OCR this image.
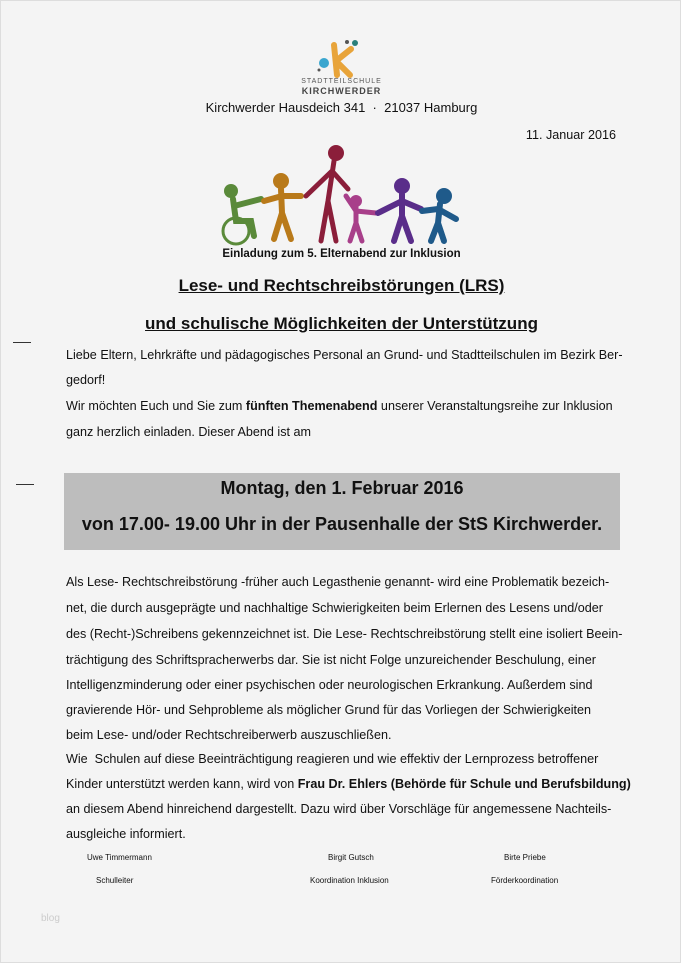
STADTTEILSCHULE
KIRCHWERDER
Kirchwerder Hausdeich 341  ·  21037 Hamburg
11. Januar 2016
Einladung zum 5. Elternabend zur Inklusion
Lese- und Rechtschreibstörungen (LRS)
und schulische Möglichkeiten der Unterstützung
Liebe Eltern, Lehrkräfte und pädagogisches Personal an Grund- und Stadtteilschulen im Bezirk Ber-
gedorf!
Wir möchten Euch und Sie zum fünften Themenabend unserer Veranstaltungsreihe zur Inklusion
ganz herzlich einladen. Dieser Abend ist am
Montag, den 1. Februar 2016
von 17.00- 19.00 Uhr in der Pausenhalle der StS Kirchwerder.
Als Lese- Rechtschreibstörung -früher auch Legasthenie genannt- wird eine Problematik bezeich-
net, die durch ausgeprägte und nachhaltige Schwierigkeiten beim Erlernen des Lesens und/oder
des (Recht-)Schreibens gekennzeichnet ist. Die Lese- Rechtschreibstörung stellt eine isoliert Beein-
trächtigung des Schriftspracherwerbs dar. Sie ist nicht Folge unzureichender Beschulung, einer
Intelligenzminderung oder einer psychischen oder neurologischen Erkrankung. Außerdem sind
gravierende Hör- und Sehprobleme als möglicher Grund für das Vorliegen der Schwierigkeiten
beim Lese- und/oder Rechtschreiberwerb auszuschließen.
Wie  Schulen auf diese Beeinträchtigung reagieren und wie effektiv der Lernprozess betroffener
Kinder unterstützt werden kann, wird von Frau Dr. Ehlers (Behörde für Schule und Berufsbildung)
an diesem Abend hinreichend dargestellt. Dazu wird über Vorschläge für angemessene Nachteils-
ausgleiche informiert.
Uwe Timmermann
Schulleiter
Birgit Gutsch
Koordination Inklusion
Birte Priebe
Förderkoordination
blog
